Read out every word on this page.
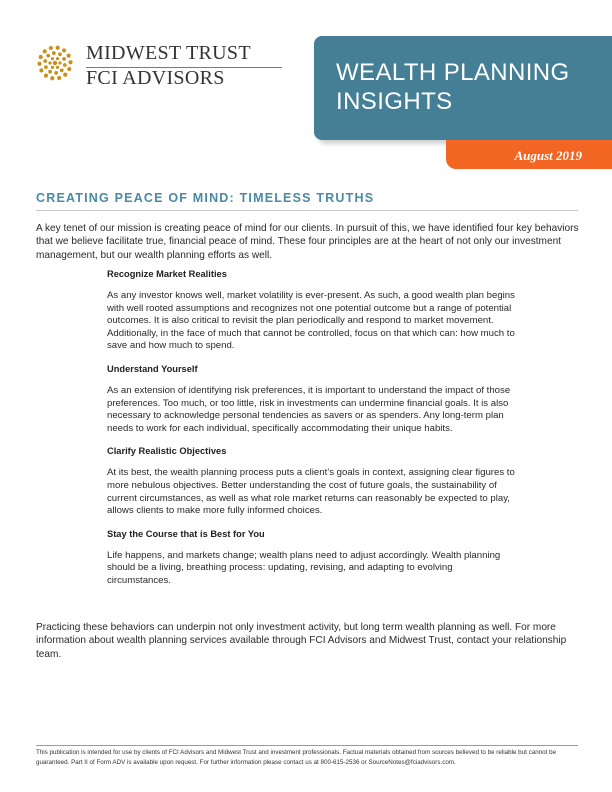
MIDWEST TRUST
FCI ADVISORS	WEALTH PLANNING INSIGHTS
August 2019
CREATING PEACE OF MIND: TIMELESS TRUTHS
A key tenet of our mission is creating peace of mind for our clients. In pursuit of this, we have identified four key behaviors that we believe facilitate true, financial peace of mind. These four principles are at the heart of not only our investment management, but our wealth planning efforts as well.

Recognize Market Realities

As any investor knows well, market volatility is ever-present. As such, a good wealth plan begins with well rooted assumptions and recognizes not one potential outcome but a range of potential outcomes. It is also critical to revisit the plan periodically and respond to market movement. Additionally, in the face of much that cannot be controlled, focus on that which can: how much to save and how much to spend.

Understand Yourself

As an extension of identifying risk preferences, it is important to understand the impact of those preferences. Too much, or too little, risk in investments can undermine financial goals. It is also necessary to acknowledge personal tendencies as savers or as spenders. Any long-term plan needs to work for each individual, specifically accommodating their unique habits.

Clarify Realistic Objectives

At its best, the wealth planning process puts a client’s goals in context, assigning clear figures to more nebulous objectives. Better understanding the cost of future goals, the sustainability of current circumstances, as well as what role market returns can reasonably be expected to play, allows clients to make more fully informed choices.

Stay the Course that is Best for You

Life happens, and markets change; wealth plans need to adjust accordingly. Wealth planning should be a living, breathing process: updating, revising, and adapting to evolving circumstances.

Practicing these behaviors can underpin not only investment activity, but long term wealth planning as well. For more information about wealth planning services available through FCI Advisors and Midwest Trust, contact your relationship team.
This publication is intended for use by clients of FCI Advisors and Midwest Trust and investment professionals. Factual materials obtained from sources believed to be reliable but cannot be guaranteed. Part II of Form ADV is available upon request. For further information please contact us at 800-615-2536 or SourceNotes@fciadvisors.com.
